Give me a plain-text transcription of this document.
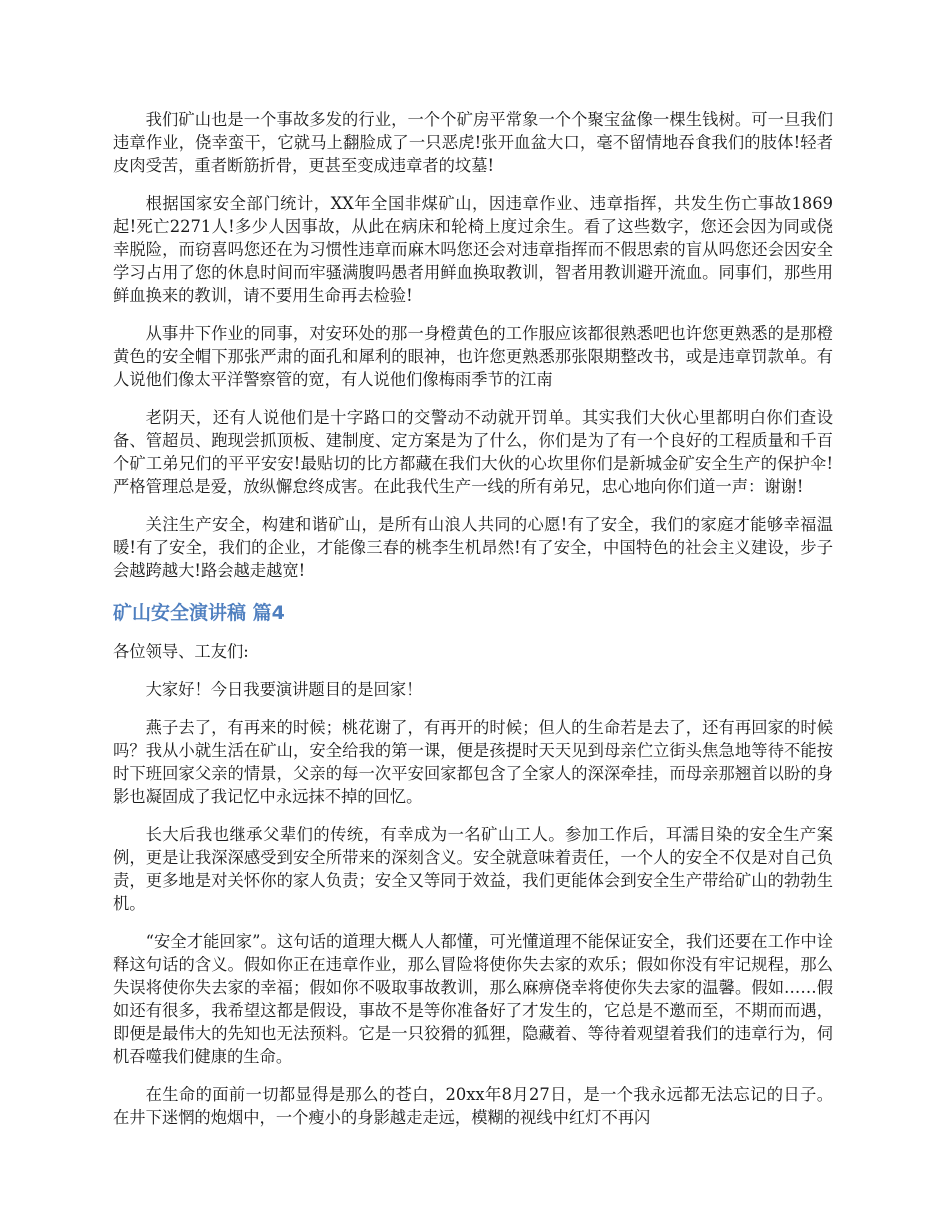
我们矿山也是一个事故多发的行业，一个个矿房平常象一个个聚宝盆像一棵生钱树。可一旦我们违章作业，侥幸蛮干，它就马上翻脸成了一只恶虎!张开血盆大口，毫不留情地吞食我们的肢体!轻者皮肉受苦，重者断筋折骨，更甚至变成违章者的坟墓!

根据国家安全部门统计，XX年全国非煤矿山，因违章作业、违章指挥，共发生伤亡事故1869起!死亡2271人!多少人因事故，从此在病床和轮椅上度过余生。看了这些数字，您还会因为同或侥幸脱险，而窃喜吗您还在为习惯性违章而麻木吗您还会对违章指挥而不假思索的盲从吗您还会因安全学习占用了您的休息时间而牢骚满腹吗愚者用鲜血换取教训，智者用教训避开流血。同事们，那些用鲜血换来的教训，请不要用生命再去检验!

从事井下作业的同事，对安环处的那一身橙黄色的工作服应该都很熟悉吧也许您更熟悉的是那橙黄色的安全帽下那张严肃的面孔和犀利的眼神，也许您更熟悉那张限期整改书，或是违章罚款单。有人说他们像太平洋警察管的宽，有人说他们像梅雨季节的江南

老阴天，还有人说他们是十字路口的交警动不动就开罚单。其实我们大伙心里都明白你们查设备、管超员、跑现尝抓顶板、建制度、定方案是为了什么，你们是为了有一个良好的工程质量和千百个矿工弟兄们的平平安安!最贴切的比方都藏在我们大伙的心坎里你们是新城金矿安全生产的保护伞!严格管理总是爱，放纵懈怠终成害。在此我代生产一线的所有弟兄，忠心地向你们道一声：谢谢!

关注生产安全，构建和谐矿山，是所有山浪人共同的心愿!有了安全，我们的家庭才能够幸福温暖!有了安全，我们的企业，才能像三春的桃李生机昂然!有了安全，中国特色的社会主义建设，步子会越跨越大!路会越走越宽!

矿山安全演讲稿 篇4

各位领导、工友们:

大家好！今日我要演讲题目的是回家！

燕子去了，有再来的时候；桃花谢了，有再开的时候；但人的生命若是去了，还有再回家的时候吗？我从小就生活在矿山，安全给我的第一课，便是孩提时天天见到母亲伫立街头焦急地等待不能按时下班回家父亲的情景，父亲的每一次平安回家都包含了全家人的深深牵挂，而母亲那翘首以盼的身影也凝固成了我记忆中永远抹不掉的回忆。

长大后我也继承父辈们的传统，有幸成为一名矿山工人。参加工作后，耳濡目染的安全生产案例，更是让我深深感受到安全所带来的深刻含义。安全就意味着责任，一个人的安全不仅是对自己负责，更多地是对关怀你的家人负责；安全又等同于效益，我们更能体会到安全生产带给矿山的勃勃生机。

“安全才能回家”。这句话的道理大概人人都懂，可光懂道理不能保证安全，我们还要在工作中诠释这句话的含义。假如你正在违章作业，那么冒险将使你失去家的欢乐；假如你没有牢记规程，那么失误将使你失去家的幸福；假如你不吸取事故教训，那么麻痹侥幸将使你失去家的温馨。假如……假如还有很多，我希望这都是假设，事故不是等你准备好了才发生的，它总是不邀而至，不期而而遇，即便是最伟大的先知也无法预料。它是一只狡猾的狐狸，隐藏着、等待着观望着我们的违章行为，伺机吞噬我们健康的生命。

在生命的面前一切都显得是那么的苍白，20xx年8月27日，是一个我永远都无法忘记的日子。在井下迷惘的炮烟中，一个瘦小的身影越走走远，模糊的视线中红灯不再闪
